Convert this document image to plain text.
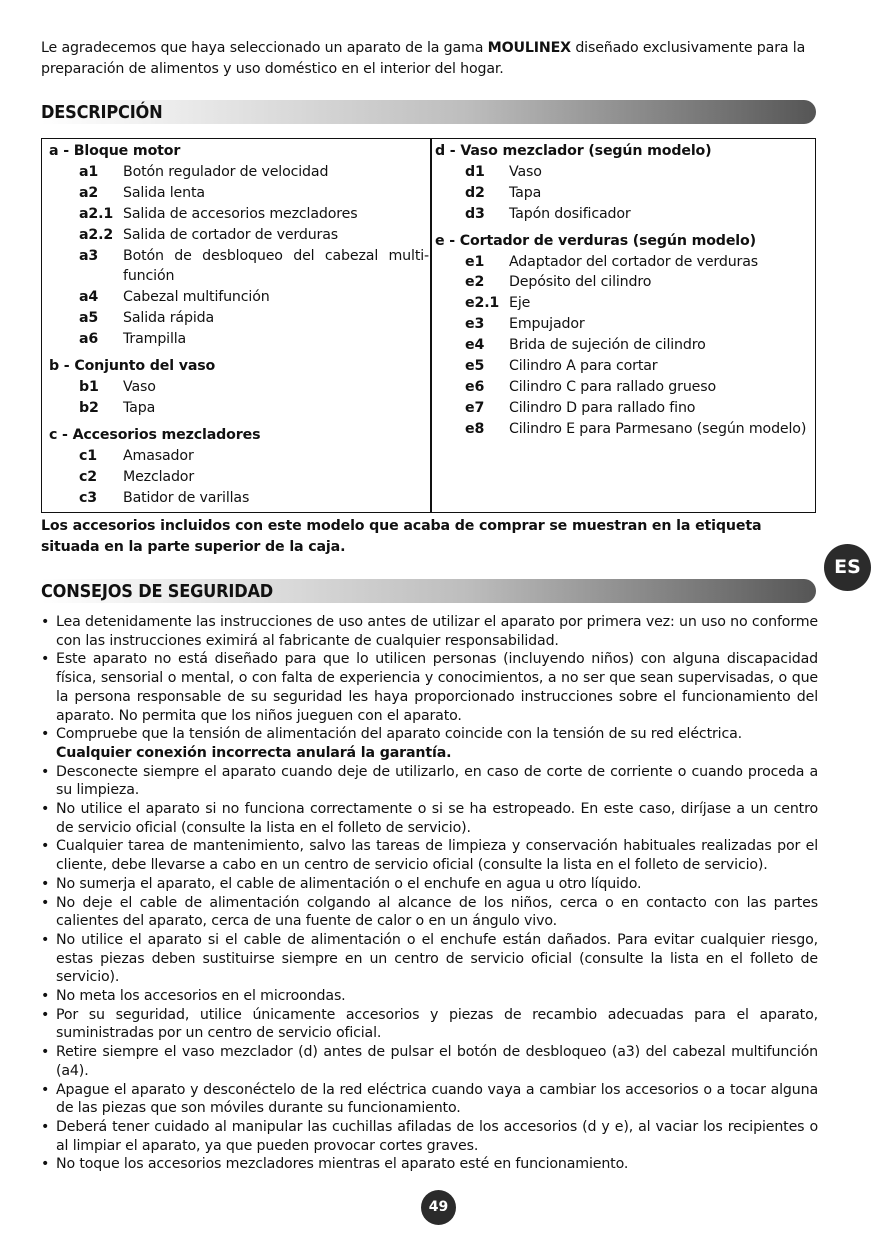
Le agradecemos que haya seleccionado un aparato de la gama MOULINEX diseñado exclusivamente para la preparación de alimentos y uso doméstico en el interior del hogar.

DESCRIPCIÓN
a - Bloque motor
a1	Botón regulador de velocidad
a2	Salida lenta
a2.1 Salida de accesorios mezcladores
a2.2 Salida de cortador de verduras
a3	Botón de desbloqueo del cabezal multi-función
a4	Cabezal multifunción
a5	Salida rápida
a6	Trampilla
b - Conjunto del vaso
b1	Vaso
b2	Tapa
c - Accesorios mezcladores
c1	Amasador
c2	Mezclador
c3	Batidor de varillas
d - Vaso mezclador (según modelo)
d1	Vaso
d2	Tapa
d3	Tapón dosificador
e - Cortador de verduras (según modelo)
e1	Adaptador del cortador de verduras
e2	Depósito del cilindro
e2.1 Eje
e3	Empujador
e4	Brida de sujeción de cilindro
e5	Cilindro A para cortar
e6	Cilindro C para rallado grueso
e7	Cilindro D para rallado fino
e8	Cilindro E para Parmesano (según modelo)

Los accesorios incluidos con este modelo que acaba de comprar se muestran en la etiqueta situada en la parte superior de la caja.

ES
CONSEJOS DE SEGURIDAD
• Lea detenidamente las instrucciones de uso antes de utilizar el aparato por primera vez: un uso no conforme con las instrucciones eximirá al fabricante de cualquier responsabilidad.
• Este aparato no está diseñado para que lo utilicen personas (incluyendo niños) con alguna discapacidad física, sensorial o mental, o con falta de experiencia y conocimientos, a no ser que sean supervisadas, o que la persona responsable de su seguridad les haya proporcionado instrucciones sobre el funcionamiento del aparato. No permita que los niños jueguen con el aparato.
• Compruebe que la tensión de alimentación del aparato coincide con la tensión de su red eléctrica.
Cualquier conexión incorrecta anulará la garantía.
• Desconecte siempre el aparato cuando deje de utilizarlo, en caso de corte de corriente o cuando proceda a su limpieza.
• No utilice el aparato si no funciona correctamente o si se ha estropeado. En este caso, diríjase a un centro de servicio oficial (consulte la lista en el folleto de servicio).
• Cualquier tarea de mantenimiento, salvo las tareas de limpieza y conservación habituales realizadas por el cliente, debe llevarse a cabo en un centro de servicio oficial (consulte la lista en el folleto de servicio).
• No sumerja el aparato, el cable de alimentación o el enchufe en agua u otro líquido.
• No deje el cable de alimentación colgando al alcance de los niños, cerca o en contacto con las partes calientes del aparato, cerca de una fuente de calor o en un ángulo vivo.
• No utilice el aparato si el cable de alimentación o el enchufe están dañados. Para evitar cualquier riesgo, estas piezas deben sustituirse siempre en un centro de servicio oficial (consulte la lista en el folleto de servicio).
• No meta los accesorios en el microondas.
• Por su seguridad, utilice únicamente accesorios y piezas de recambio adecuadas para el aparato, suministradas por un centro de servicio oficial.
• Retire siempre el vaso mezclador (d) antes de pulsar el botón de desbloqueo (a3) del cabezal multifunción (a4).
• Apague el aparato y desconéctelo de la red eléctrica cuando vaya a cambiar los accesorios o a tocar alguna de las piezas que son móviles durante su funcionamiento.
• Deberá tener cuidado al manipular las cuchillas afiladas de los accesorios (d y e), al vaciar los recipientes o al limpiar el aparato, ya que pueden provocar cortes graves.
• No toque los accesorios mezcladores mientras el aparato esté en funcionamiento.
49
